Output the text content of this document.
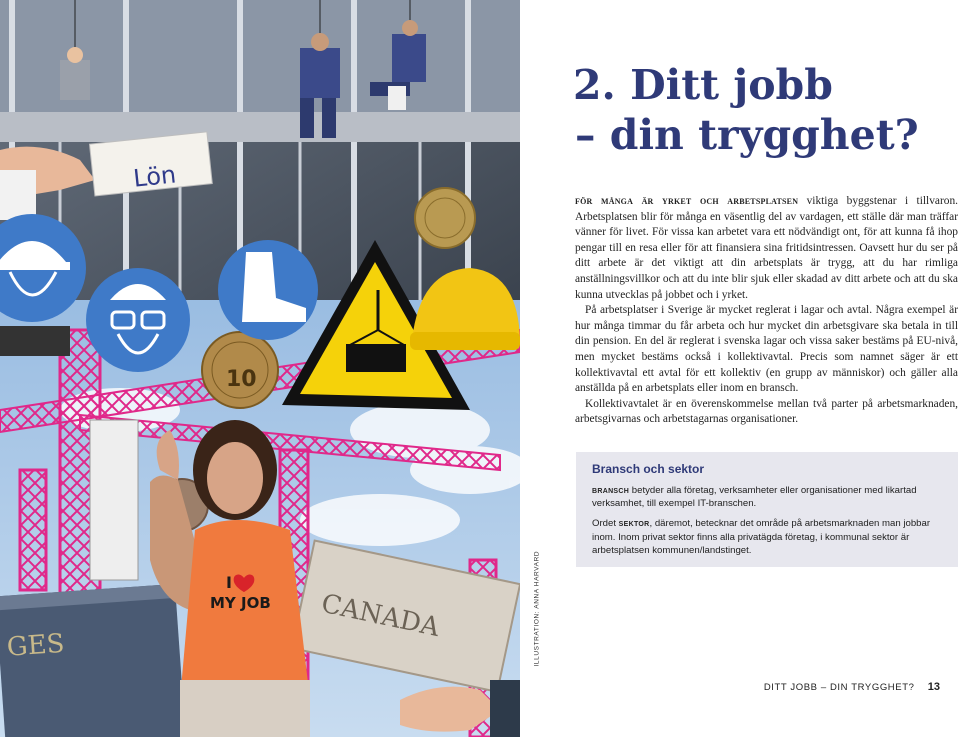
Lön
10
I
MY JOB CANADA
GES	ILLUSTRATION: ANNA HARVARD
2. Ditt jobb
– din trygghet?

för många är yrket och arbetsplatsen viktiga byggstenar i tillvaron. Arbetsplatsen blir för många en väsentlig del av vardagen, ett ställe där man träffar vänner för livet. För vissa kan arbetet vara ett nödvändigt ont, för att kunna få ihop pengar till en resa eller för att finansiera sina fritidsintressen. Oavsett hur du ser på ditt arbete är det viktigt att din arbetsplats är trygg, att du har rimliga anställningsvillkor och att du inte blir sjuk eller skadad av ditt arbete och att du ska kunna utvecklas på jobbet och i yrket.

På arbetsplatser i Sverige är mycket reglerat i lagar och avtal. Några exempel är hur många timmar du får arbeta och hur mycket din arbetsgivare ska betala in till din pension. En del är reglerat i svenska lagar och vissa saker bestäms på EU-nivå, men mycket bestäms också i kollektivavtal. Precis som namnet säger är ett kollektivavtal ett avtal för ett kollektiv (en grupp av människor) och gäller alla anställda på en arbetsplats eller inom en bransch.

Kollektivavtalet är en överenskommelse mellan två parter på arbetsmarknaden, arbetsgivarnas och arbetstagarnas organisationer.

Bransch och sektor

bransch betyder alla företag, verksamheter eller organisationer med likartad verksamhet, till exempel IT-branschen.

Ordet sektor, däremot, betecknar det område på arbetsmarknaden man jobbar inom. Inom privat sektor finns alla privatägda företag, i kommunal sektor är arbetsplatsen kommunen/landstinget.

DITT JOBB – DIN TRYGGHET? 13
